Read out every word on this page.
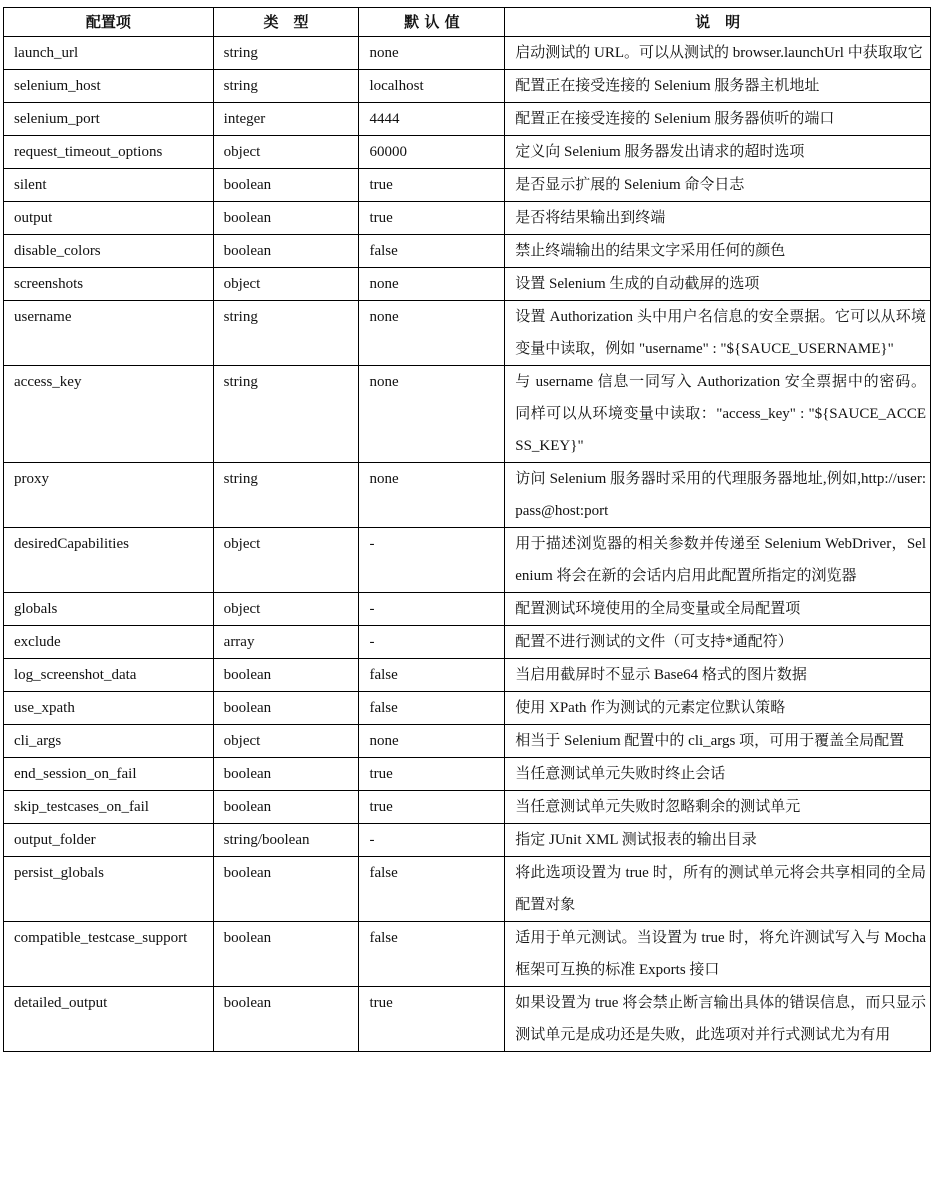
配置项	类　型	默 认 值	说　明
launch_url	string	none	启动测试的 URL。可以从测试的 browser.launchUrl 中获取取它
selenium_host	string	localhost	配置正在接受连接的 Selenium 服务器主机地址
selenium_port	integer	4444	配置正在接受连接的 Selenium 服务器侦听的端口
request_timeout_options	object	60000	定义向 Selenium 服务器发出请求的超时选项
silent	boolean	true	是否显示扩展的 Selenium 命令日志
output	boolean	true	是否将结果输出到终端
disable_colors	boolean	false	禁止终端输出的结果文字采用任何的颜色
screenshots	object	none	设置 Selenium 生成的自动截屏的选项
username	string	none	设置 Authorization 头中用户名信息的安全票据。它可以从环境变量中读取，例如 "username" : "${SAUCE_USERNAME}"
access_key	string	none	与 username 信息一同写入 Authorization 安全票据中的密码。同样可以从环境变量中读取："access_key" : "${SAUCE_ACCESS_KEY}"
proxy	string	none	访问 Selenium 服务器时采用的代理服务器地址,例如,http://user:pass@host:port
desiredCapabilities	object	-	用于描述浏览器的相关参数并传递至 Selenium WebDriver，Selenium 将会在新的会话内启用此配置所指定的浏览器
globals	object	-	配置测试环境使用的全局变量或全局配置项
exclude	array	-	配置不进行测试的文件（可支持*通配符）
log_screenshot_data	boolean	false	当启用截屏时不显示 Base64 格式的图片数据
use_xpath	boolean	false	使用 XPath 作为测试的元素定位默认策略
cli_args	object	none	相当于 Selenium 配置中的 cli_args 项，可用于覆盖全局配置
end_session_on_fail	boolean	true	当任意测试单元失败时终止会话
skip_testcases_on_fail	boolean	true	当任意测试单元失败时忽略剩余的测试单元
output_folder	string/boolean	-	指定 JUnit XML 测试报表的输出目录
persist_globals	boolean	false	将此选项设置为 true 时，所有的测试单元将会共享相同的全局配置对象
compatible_testcase_support	boolean	false	适用于单元测试。当设置为 true 时，将允许测试写入与 Mocha 框架可互换的标准 Exports 接口
detailed_output	boolean	true	如果设置为 true 将会禁止断言输出具体的错误信息，而只显示测试单元是成功还是失败，此选项对并行式测试尤为有用
